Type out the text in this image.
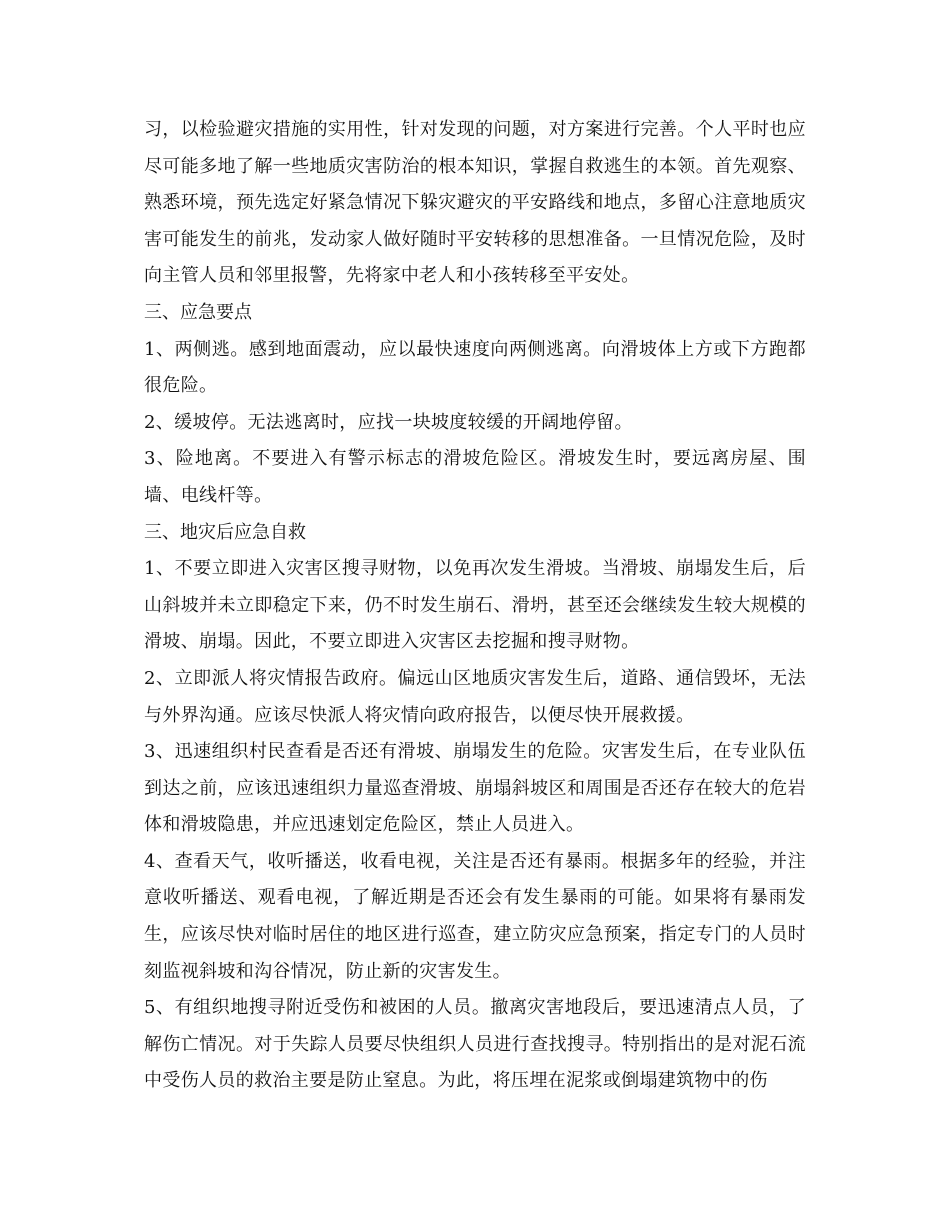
习，以检验避灾措施的实用性，针对发现的问题，对方案进行完善。个人平时也应尽可能多地了解一些地质灾害防治的根本知识，掌握自救逃生的本领。首先观察、熟悉环境，预先选定好紧急情况下躲灾避灾的平安路线和地点，多留心注意地质灾害可能发生的前兆，发动家人做好随时平安转移的思想准备。一旦情况危险，及时向主管人员和邻里报警，先将家中老人和小孩转移至平安处。

三、应急要点

1、两侧逃。感到地面震动，应以最快速度向两侧逃离。向滑坡体上方或下方跑都很危险。

2、缓坡停。无法逃离时，应找一块坡度较缓的开阔地停留。

3、险地离。不要进入有警示标志的滑坡危险区。滑坡发生时，要远离房屋、围墙、电线杆等。

三、地灾后应急自救

1、不要立即进入灾害区搜寻财物，以免再次发生滑坡。当滑坡、崩塌发生后，后山斜坡并未立即稳定下来，仍不时发生崩石、滑坍，甚至还会继续发生较大规模的滑坡、崩塌。因此，不要立即进入灾害区去挖掘和搜寻财物。

2、立即派人将灾情报告政府。偏远山区地质灾害发生后，道路、通信毁坏，无法与外界沟通。应该尽快派人将灾情向政府报告，以便尽快开展救援。

3、迅速组织村民查看是否还有滑坡、崩塌发生的危险。灾害发生后，在专业队伍到达之前，应该迅速组织力量巡查滑坡、崩塌斜坡区和周围是否还存在较大的危岩体和滑坡隐患，并应迅速划定危险区，禁止人员进入。

4、查看天气，收听播送，收看电视，关注是否还有暴雨。根据多年的经验，并注意收听播送、观看电视，了解近期是否还会有发生暴雨的可能。如果将有暴雨发生，应该尽快对临时居住的地区进行巡查，建立防灾应急预案，指定专门的人员时刻监视斜坡和沟谷情况，防止新的灾害发生。

5、有组织地搜寻附近受伤和被困的人员。撤离灾害地段后，要迅速清点人员，了解伤亡情况。对于失踪人员要尽快组织人员进行查找搜寻。特别指出的是对泥石流中受伤人员的救治主要是防止窒息。为此，将压埋在泥浆或倒塌建筑物中的伤
